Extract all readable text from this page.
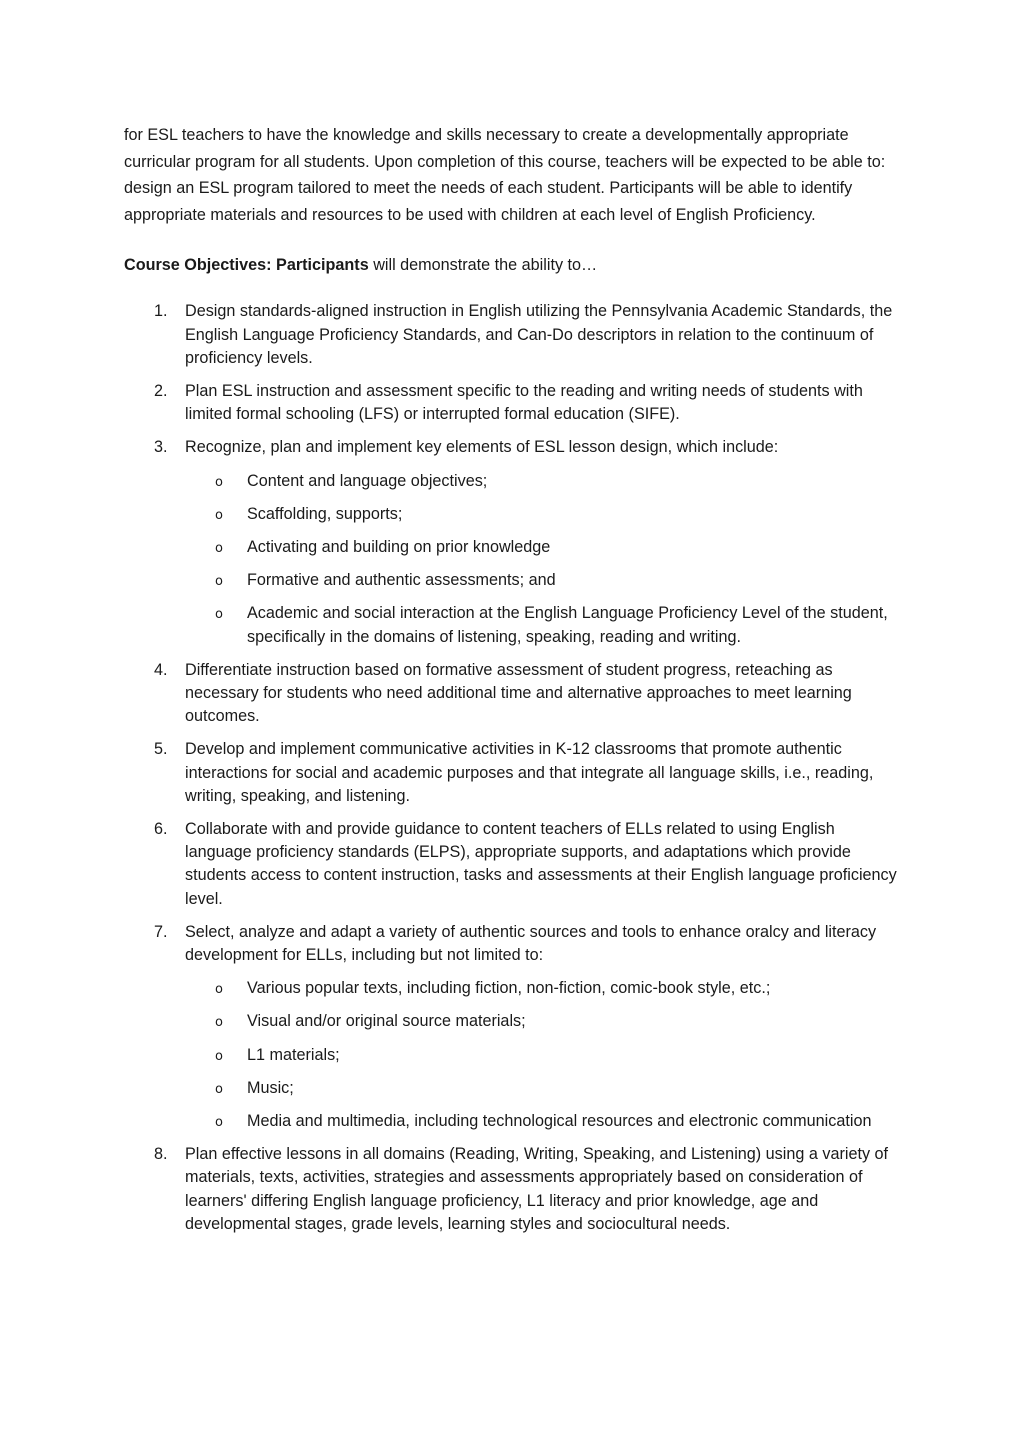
for ESL teachers to have the knowledge and skills necessary to create a developmentally appropriate curricular program for all students. Upon completion of this course, teachers will be expected to be able to: design an ESL program tailored to meet the needs of each student. Participants will be able to identify appropriate materials and resources to be used with children at each level of English Proficiency.

Course Objectives: Participants will demonstrate the ability to…

1.	Design standards-aligned instruction in English utilizing the Pennsylvania Academic Standards, the English Language Proficiency Standards, and Can-Do descriptors in relation to the continuum of proficiency levels.
2.	Plan ESL instruction and assessment specific to the reading and writing needs of students with limited formal schooling (LFS) or interrupted formal education (SIFE).
3.	Recognize, plan and implement key elements of ESL lesson design, which include:
o Content and language objectives;
o Scaffolding, supports;
o Activating and building on prior knowledge
o Formative and authentic assessments; and
o Academic and social interaction at the English Language Proficiency Level of the student, specifically in the domains of listening, speaking, reading and writing.
4.	Differentiate instruction based on formative assessment of student progress, reteaching as necessary for students who need additional time and alternative approaches to meet learning outcomes.
5.	Develop and implement communicative activities in K-12 classrooms that promote authentic interactions for social and academic purposes and that integrate all language skills, i.e., reading, writing, speaking, and listening.
6.	Collaborate with and provide guidance to content teachers of ELLs related to using English language proficiency standards (ELPS), appropriate supports, and adaptations which provide students access to content instruction, tasks and assessments at their English language proficiency level.
7.	Select, analyze and adapt a variety of authentic sources and tools to enhance oralcy and literacy development for ELLs, including but not limited to:
o Various popular texts, including fiction, non-fiction, comic-book style, etc.;
o Visual and/or original source materials;
o L1 materials;
o Music;
o Media and multimedia, including technological resources and electronic communication
8.	Plan effective lessons in all domains (Reading, Writing, Speaking, and Listening) using a variety of materials, texts, activities, strategies and assessments appropriately based on consideration of learners' differing English language proficiency, L1 literacy and prior knowledge, age and developmental stages, grade levels, learning styles and sociocultural needs.
